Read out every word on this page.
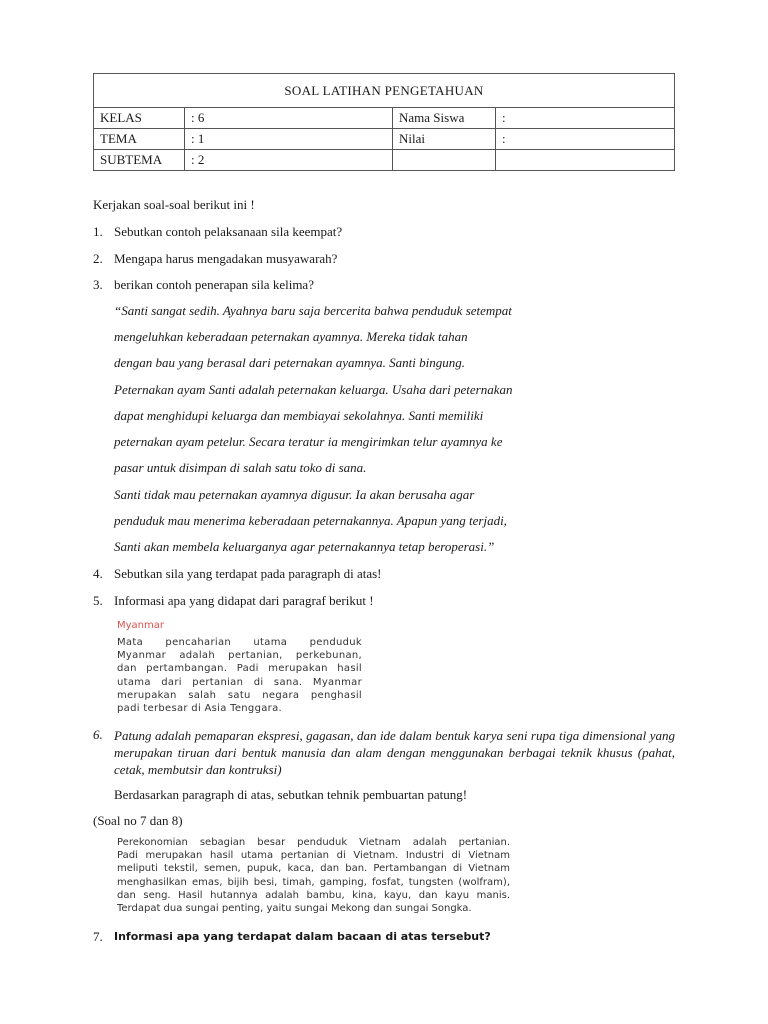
SOAL LATIHAN PENGETAHUAN			
KELAS	: 6	Nama Siswa	:
TEMA	: 1	Nilai	:
SUBTEMA	: 2		
Kerjakan soal-soal berikut ini !
1. Sebutkan contoh pelaksanaan sila keempat?
2. Mengapa harus mengadakan musyawarah?
3. berikan contoh penerapan sila kelima?
“Santi sangat sedih. Ayahnya baru saja bercerita bahwa penduduk setempat
mengeluhkan keberadaan peternakan ayamnya. Mereka tidak tahan
dengan bau yang berasal dari peternakan ayamnya. Santi bingung.
Peternakan ayam Santi adalah peternakan keluarga. Usaha dari peternakan
dapat menghidupi keluarga dan membiayai sekolahnya. Santi memiliki
peternakan ayam petelur. Secara teratur ia mengirimkan telur ayamnya ke
pasar untuk disimpan di salah satu toko di sana.
Santi tidak mau peternakan ayamnya digusur. Ia akan berusaha agar
penduduk mau menerima keberadaan peternakannya. Apapun yang terjadi,
Santi akan membela keluarganya agar peternakannya tetap beroperasi.”
4. Sebutkan sila yang terdapat pada paragraph di atas!
5. Informasi apa yang didapat dari paragraf berikut !
Myanmar
Mata pencaharian utama penduduk
Myanmar adalah pertanian, perkebunan,
dan pertambangan. Padi merupakan hasil
utama dari pertanian di sana. Myanmar
merupakan salah satu negara penghasil
padi terbesar di Asia Tenggara.
6. Patung adalah pemaparan ekspresi, gagasan, dan ide dalam bentuk karya seni rupa tiga dimensional yang merupakan tiruan dari bentuk manusia dan alam dengan menggunakan berbagai teknik khusus (pahat, cetak, membutsir dan kontruksi)
Berdasarkan paragraph di atas, sebutkan tehnik pembuartan patung!
(Soal no 7 dan 8)
Perekonomian sebagian besar penduduk Vietnam adalah pertanian.
Padi merupakan hasil utama pertanian di Vietnam. Industri di Vietnam
meliputi tekstil, semen, pupuk, kaca, dan ban. Pertambangan di Vietnam
menghasilkan emas, bijih besi, timah, gamping, fosfat, tungsten (wolfram),
dan seng. Hasil hutannya adalah bambu, kina, kayu, dan kayu manis.
Terdapat dua sungai penting, yaitu sungai Mekong dan sungai Songka.
7. Informasi apa yang terdapat dalam bacaan di atas tersebut?
